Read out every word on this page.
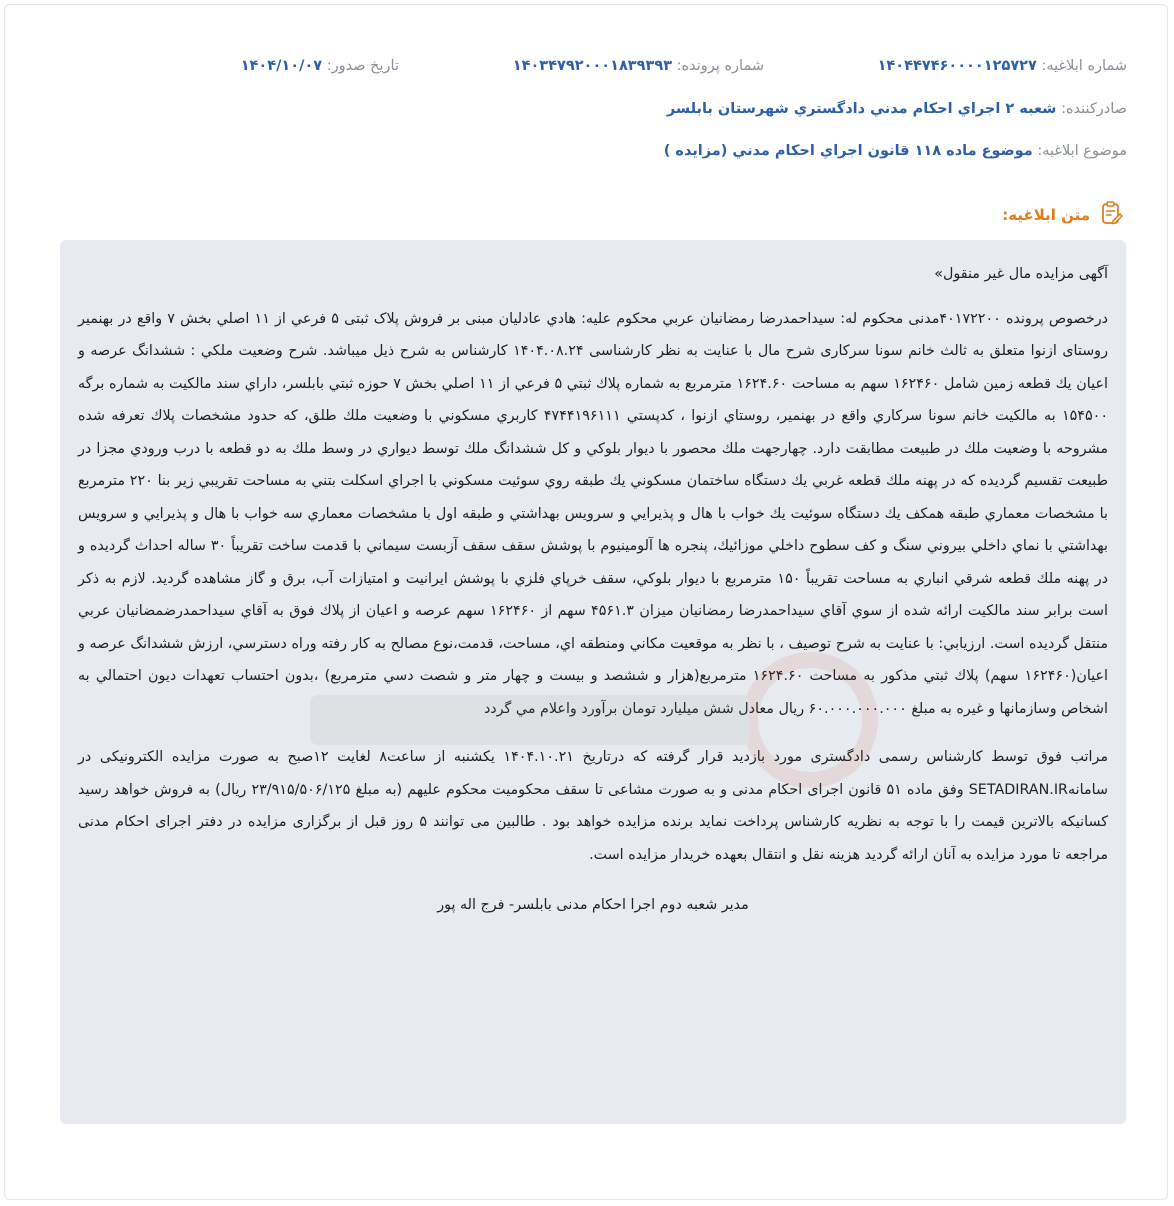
شماره ابلاغيه: ۱۴۰۴۴۷۴۶۰۰۰۰۱۲۵۷۲۷
شماره پرونده: ۱۴۰۳۴۷۹۲۰۰۰۱۸۳۹۳۹۳
تاريخ صدور: ۱۴۰۴/۱۰/۰۷
صادرکننده: شعبه ۲ اجراي احکام مدني دادگستري شهرستان بابلسر
موضوع ابلاغيه: موضوع ماده ۱۱۸ قانون اجراي احکام مدني (مزايده )
متن ابلاغيه:

آگهی مزایده مال غیر منقول»

درخصوص پرونده ۴۰۱۷۲۲۰۰مدنی محکوم له: سیداحمدرضا رمضانیان عربي محکوم علیه: هادي عادلیان مبنی بر فروش پلاک ثبتی ۵ فرعي از ۱۱ اصلي بخش ۷ واقع در بهنمیر روستای ازنوا متعلق به ثالث خانم سونا سرکاری شرح مال با عنایت به نظر کارشناسی ۱۴۰۴.۰۸.۲۴ کارشناس به شرح ذیل میباشد. شرح وضعیت ملکي : ششدانگ عرصه و اعیان یك قطعه زمین شامل ۱۶۲۴۶۰ سهم به مساحت ۱۶۲۴.۶۰ مترمربع به شماره پلاك ثبتي ۵ فرعي از ۱۱ اصلي بخش ۷ حوزه ثبتي بابلسر، داراي سند مالکیت به شماره برگه ۱۵۴۵۰۰ به مالکیت خانم سونا سرکاري واقع در بهنمیر، روستاي ازنوا ، کدپستي ۴۷۴۴۱۹۶۱۱۱ کاربري مسکوني با وضعیت ملك طلق، که حدود مشخصات پلاك تعرفه شده مشروحه با وضعیت ملك در طبیعت مطابقت دارد. چهارجهت ملك محصور با دیوار بلوکي و کل ششدانگ ملك توسط دیواري در وسط ملك به دو قطعه با درب ورودي مجزا در طبیعت تقسیم گردیده که در پهنه ملك قطعه غربي یك دستگاه ساختمان مسکوني یك طبقه روي سوئیت مسکوني با اجراي اسکلت بتني به مساحت تقریبي زیر بنا ۲۲۰ مترمربع با مشخصات معماري طبقه همکف یك دستگاه سوئیت یك خواب با هال و پذیرایي و سرویس بهداشتي و طبقه اول با مشخصات معماري سه خواب با هال و پذیرایي و سرویس بهداشتي با نماي داخلي بیروني سنگ و کف سطوح داخلي موزائیك، پنجره ها آلومینیوم با پوشش سقف سقف آزبست سیماني با قدمت ساخت تقریباً ۳۰ ساله احداث گردیده و در پهنه ملك قطعه شرقي انباري به مساحت تقریباً ۱۵۰ مترمربع با دیوار بلوکي، سقف خرپاي فلزي با پوشش ایرانیت و امتیازات آب، برق و گاز مشاهده گردید. لازم به ذکر است برابر سند مالکیت ارائه شده از سوي آقاي سیداحمدرضا رمضانیان میزان ۴۵۶۱.۳ سهم از ۱۶۲۴۶۰ سهم عرصه و اعیان از پلاك فوق به آقاي سیداحمدرضمضانیان عربي منتقل گردیده است. ارزیابي: با عنایت به شرح توصیف ، با نظر به موقعیت مکاني ومنطقه اي، مساحت، قدمت،نوع مصالح به کار رفته وراه دسترسي، ارزش ششدانگ عرصه و اعیان(۱۶۲۴۶۰ سهم) پلاك ثبتي مذکور به مساحت ۱۶۲۴.۶۰ مترمربع(هزار و ششصد و بیست و چهار متر و شصت دسي مترمربع) ،بدون احتساب تعهدات دیون احتمالي به اشخاص وسازمانها و غیره به مبلغ ۶۰.۰۰۰.۰۰۰.۰۰۰ ریال معادل شش میلیارد تومان برآورد واعلام مي گردد

مراتب فوق توسط کارشناس رسمی دادگستری مورد بازدید قرار گرفته که درتاریخ ۱۴۰۴.۱۰.۲۱ یکشنبه از ساعت۸ لغایت ۱۲صبح به صورت مزایده الکترونیکی در سامانهSETADIRAN.IR وفق ماده ۵۱ قانون اجرای احکام مدنی و به صورت مشاعی تا سقف محکومیت محکوم علیهم (به مبلغ ۲۳/۹۱۵/۵۰۶/۱۲۵ ریال) به فروش خواهد رسید کسانیکه بالاترین قیمت را با توجه به نظریه کارشناس پرداخت نماید برنده مزایده خواهد بود . طالبین می توانند ۵ روز قبل از برگزاری مزایده در دفتر اجرای احکام مدنی مراجعه تا مورد مزایده به آنان ارائه گردید هزینه نقل و انتقال بعهده خریدار مزایده است.

مدیر شعبه دوم اجرا احکام مدنی بابلسر- فرج اله پور
